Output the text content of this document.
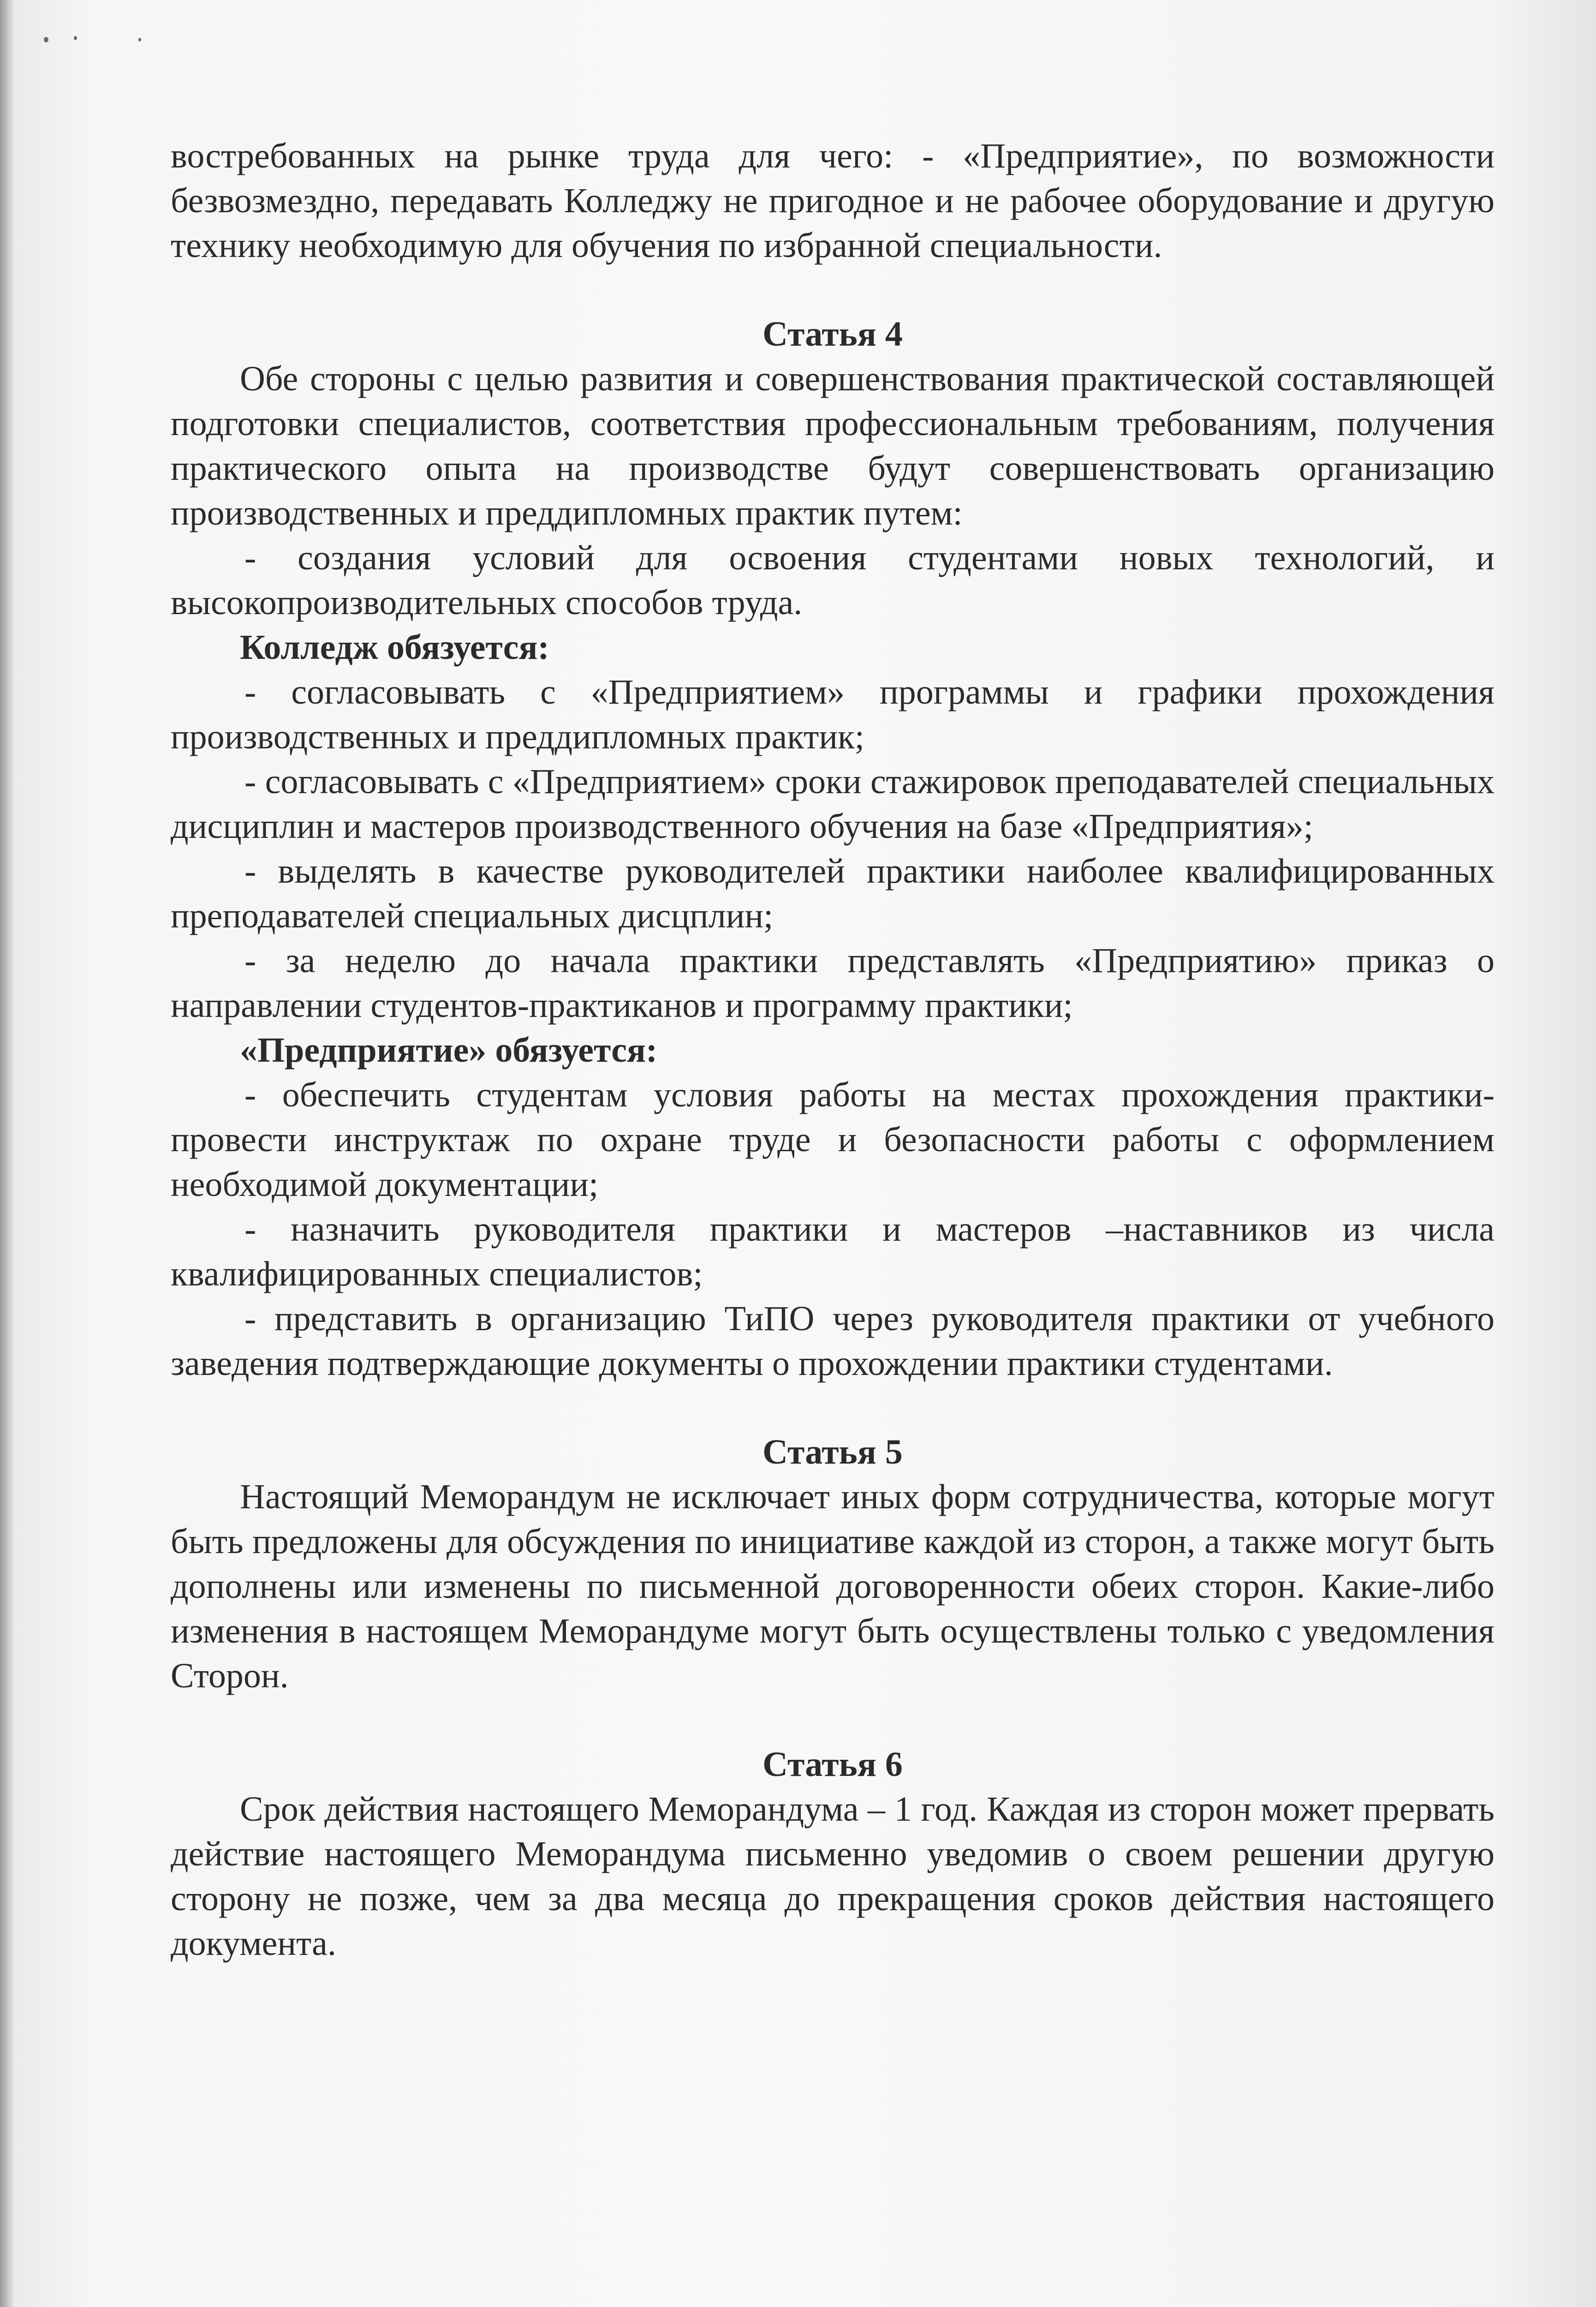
востребованных на рынке труда для чего: - «Предприятие», по возможности безвозмездно, передавать Колледжу не пригодное и не рабочее оборудование и другую технику необходимую для обучения по избранной специальности.

Статья 4

Обе стороны с целью развития и совершенствования практической составляющей подготовки специалистов, соответствия профессиональным требованиям, получения практического опыта на производстве будут совершенствовать организацию производственных и преддипломных практик путем:

- создания условий для освоения студентами новых технологий, и высокопроизводительных способов труда.

Колледж обязуется:

- согласовывать с «Предприятием» программы и графики прохождения производственных и преддипломных практик;

- согласовывать с «Предприятием» сроки стажировок преподавателей специальных дисциплин и мастеров производственного обучения на базе «Предприятия»;

- выделять в качестве руководителей практики наиболее квалифицированных преподавателей специальных дисцплин;

- за неделю до начала практики представлять «Предприятию» приказ о направлении студентов-практиканов и программу практики;

«Предприятие» обязуется:

- обеспечить студентам условия работы на местах прохождения практики- провести инструктаж по охране труде и безопасности работы с оформлением необходимой документации;

- назначить руководителя практики и мастеров –наставников из числа квалифицированных специалистов;

- представить в организацию ТиПО через руководителя практики от учебного заведения подтверждающие документы о прохождении практики студентами.

Статья 5

Настоящий Меморандум не исключает иных форм сотрудничества, которые могут быть предложены для обсуждения по инициативе каждой из сторон, а также могут быть дополнены или изменены по письменной договоренности обеих сторон. Какие-либо изменения в настоящем Меморандуме могут быть осуществлены только с уведомления Сторон.

Статья 6

Срок действия настоящего Меморандума – 1 год. Каждая из сторон может прервать действие настоящего Меморандума письменно уведомив о своем решении другую сторону не позже, чем за два месяца до прекращения сроков действия настоящего документа.
